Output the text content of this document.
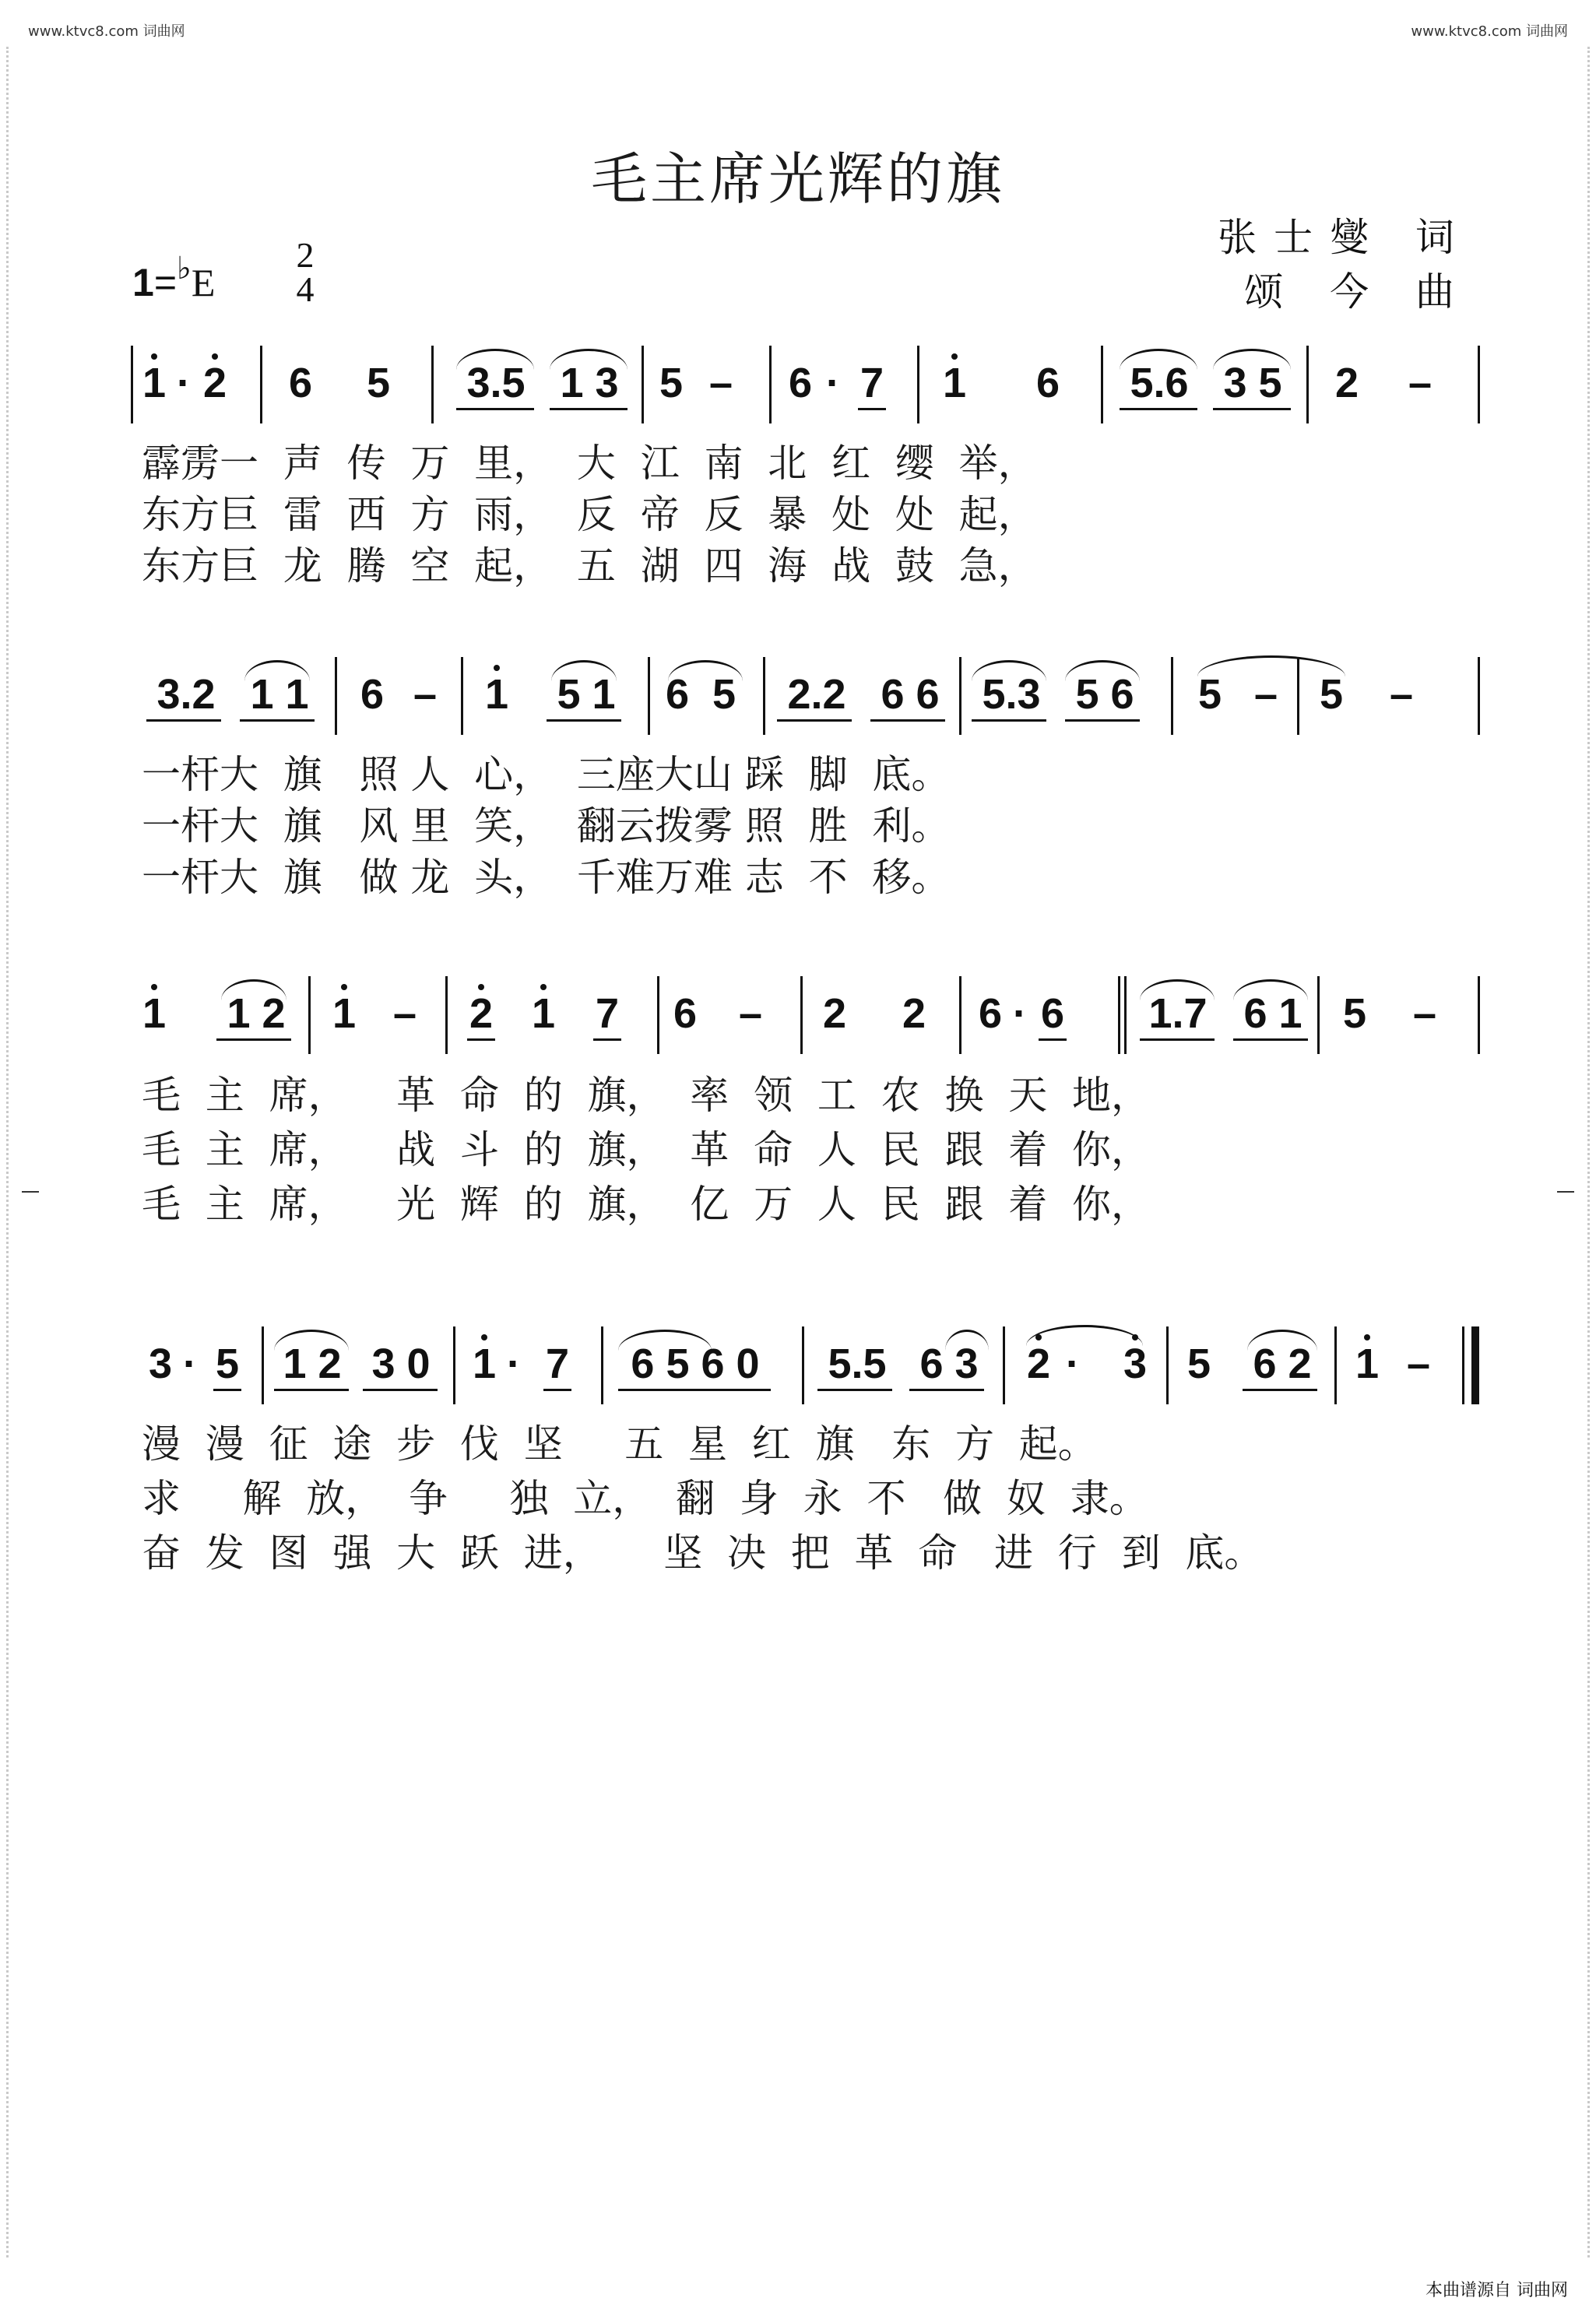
www.ktvc8.com 词曲网	www.ktvc8.com 词曲网
毛主席光辉的旗
张士燮 词
颂 今 曲
1=♭E
2
4
1 · 2 6 5	3.5 1 3 5 – 6 · 7 1 6	5.6 3 5	2 –
霹雳一  声  传  万  里，  大  江  南  北  红  缨  举，
东方巨  雷  西  方  雨，  反  帝  反  暴  处  处  起，
东方巨  龙  腾  空  起，  五  湖  四  海  战  鼓  急，
3.2 1 1	6 – 1	5 1	6 5	2.2 6 6	5.3 5 6	5 – 5 –
一杆大  旗   照 人  心，  三座大山 踩  脚  底。
一杆大  旗   风 里  笑，  翻云拨雾 照  胜  利。
一杆大  旗   做 龙  头，  千难万难 志  不  移。
1	1 2	1 – 2 1 7 6 – 2 2 6 · 6	1.7 6 1 5 –
毛  主  席，    革  命  的  旗，  率  领  工  农  换  天  地，
毛  主  席，    战  斗  的  旗，  革  命  人  民  跟  着  你，
毛  主  席，    光  辉  的  旗，  亿  万  人  民  跟  着  你，
3 · 5	1 2 3 0	1 · 7	6 5 6 0	5.5 6 3	2 · 3 5	6 2	1 –
漫  漫  征  途  步  伐  坚     五  星  红  旗   东  方  起。
求     解  放，  争     独  立，  翻  身  永  不   做  奴  隶。
奋  发  图  强  大  跃  进，     坚  决  把  革  命   进  行  到  底。
本曲谱源自 词曲网
